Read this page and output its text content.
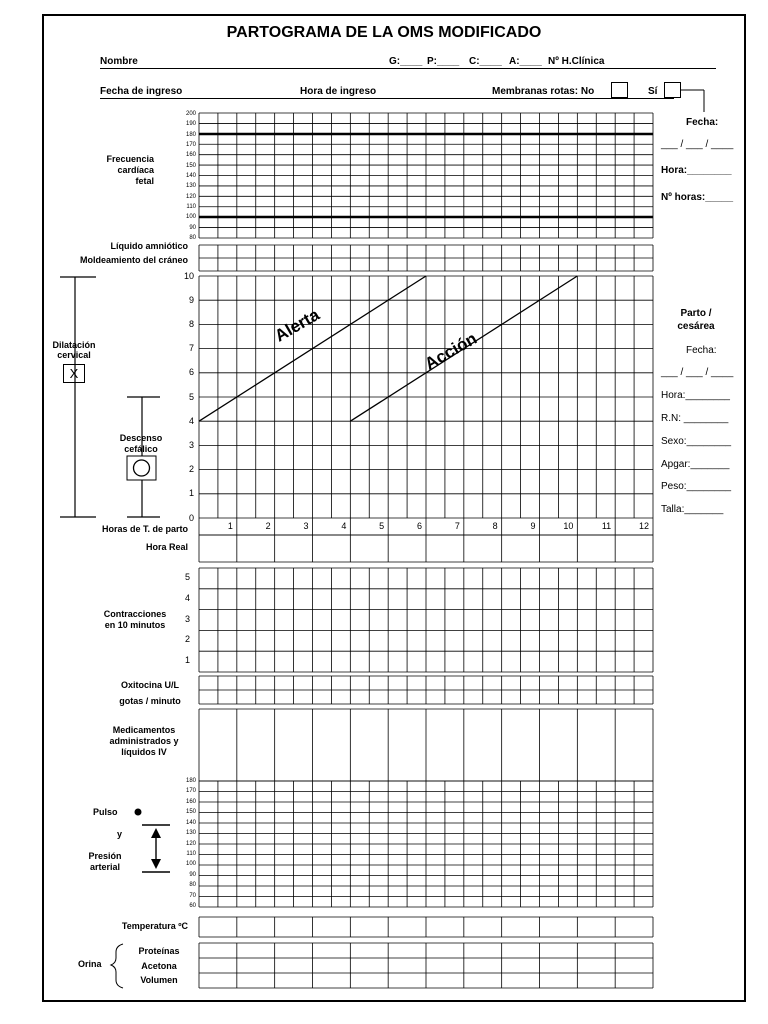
PARTOGRAMA DE LA OMS MODIFICADO
Nombre	G:____ P:____ C:____ A:____ Nº H.Clínica
Fecha de ingreso	Hora de ingreso	Membranas rotas: No	Sí
Fecha:
___ / ___ / ____
Hora:________
Nº horas:_____
Frecuencia
cardíaca
fetal
200
190
180
170
160
150
140
130
120
110
100
90
80
Líquido amniótico
Moldeamiento del cráneo
Dilatación
cervical
X
10
9
8
7
6
5
4
3
2
1
0
Descenso
cefálico
Alerta
Acción
Parto /
cesárea
Fecha:
___ / ___ / ____
Hora:________
R.N: ________
Sexo:________
Apgar:_______
Peso:________
Talla:_______
Horas de T. de parto	1	2	3	4	5	6	7	8	9	10	11	12
Hora Real
Contracciones
en 10 minutos
5
4
3
2
1
Oxitocina U/L
gotas / minuto
Medicamentos
administrados y
líquidos IV
Pulso
y
Presión
arterial
180
170
160
150
140
130
120
110
100
90
80
70
60
Temperatura ºC
Orina
Proteínas
Acetona
Volumen
